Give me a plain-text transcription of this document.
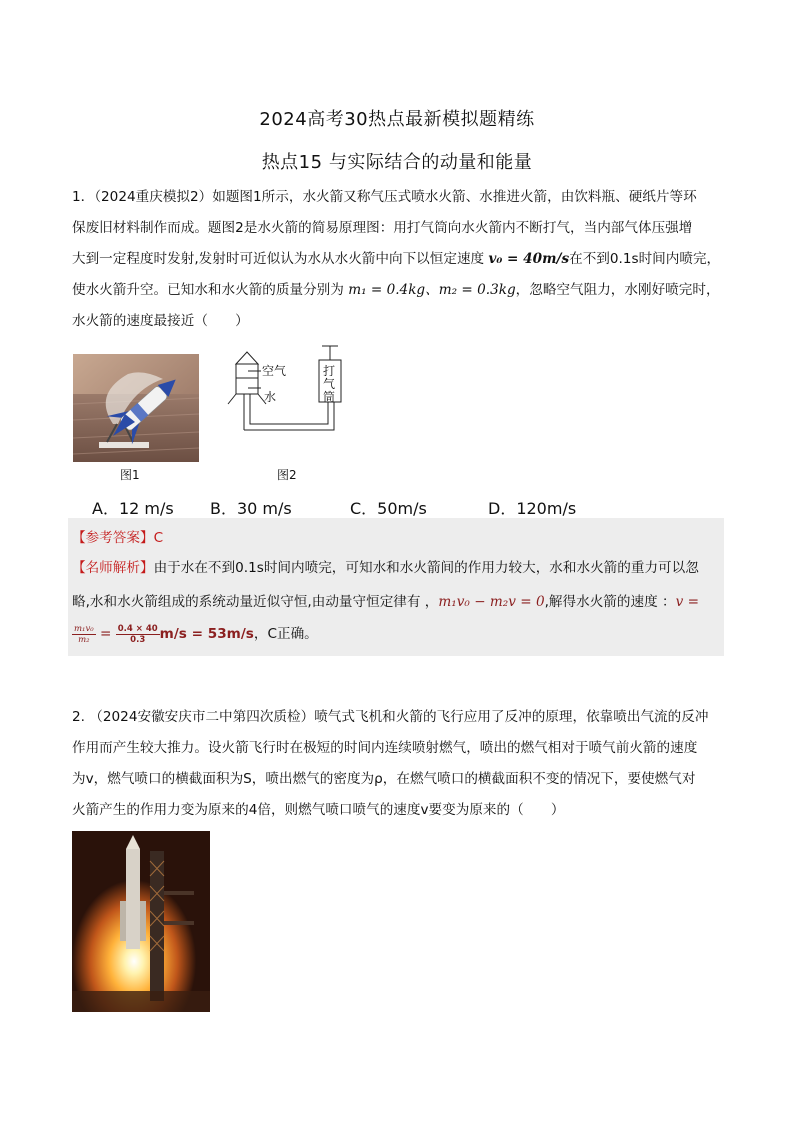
2024高考30热点最新模拟题精练
热点15 与实际结合的动量和能量

1．（2024重庆模拟2）如题图1所示，水火箭又称气压式喷水火箭、水推进火箭，由饮料瓶、硬纸片等环

保废旧材料制作而成。题图2是水火箭的简易原理图：用打气筒向水火箭内不断打气，当内部气体压强增

大到一定程度时发射,发射时可近似认为水从水火箭中向下以恒定速度 v₀ = 40m/s在不到0.1s时间内喷完，

使水火箭升空。已知水和水火箭的质量分别为 m₁ = 0.4kg、m₂ = 0.3kg，忽略空气阻力，水刚好喷完时，

水火箭的速度最接近（　　）

图1
空气
水
打
气
筒
图2
A．12 m/s B．30 m/s	C．50m/s	D．120m/s
【参考答案】C
【名师解析】由于水在不到0.1s时间内喷完，可知水和水火箭间的作用力较大，水和水火箭的重力可以忽
略,水和水火箭组成的系统动量近似守恒,由动量守恒定律有 ，m₁v₀ − m₂v = 0,解得水火箭的速度 ：v =
$\frac{\text{m₁v₀}}{\text{m₂}} = \frac{0.4 \times 40}{0.3} m/s = 53m/s$，C正确。

2. （2024安徽安庆市二中第四次质检）喷气式飞机和火箭的飞行应用了反冲的原理，依靠喷出气流的反冲

作用而产生较大推力。设火箭飞行时在极短的时间内连续喷射燃气，喷出的燃气相对于喷气前火箭的速度

为v，燃气喷口的横截面积为S，喷出燃气的密度为ρ，在燃气喷口的横截面积不变的情况下，要使燃气对

火箭产生的作用力变为原来的4倍，则燃气喷口喷气的速度v要变为原来的（　　）
